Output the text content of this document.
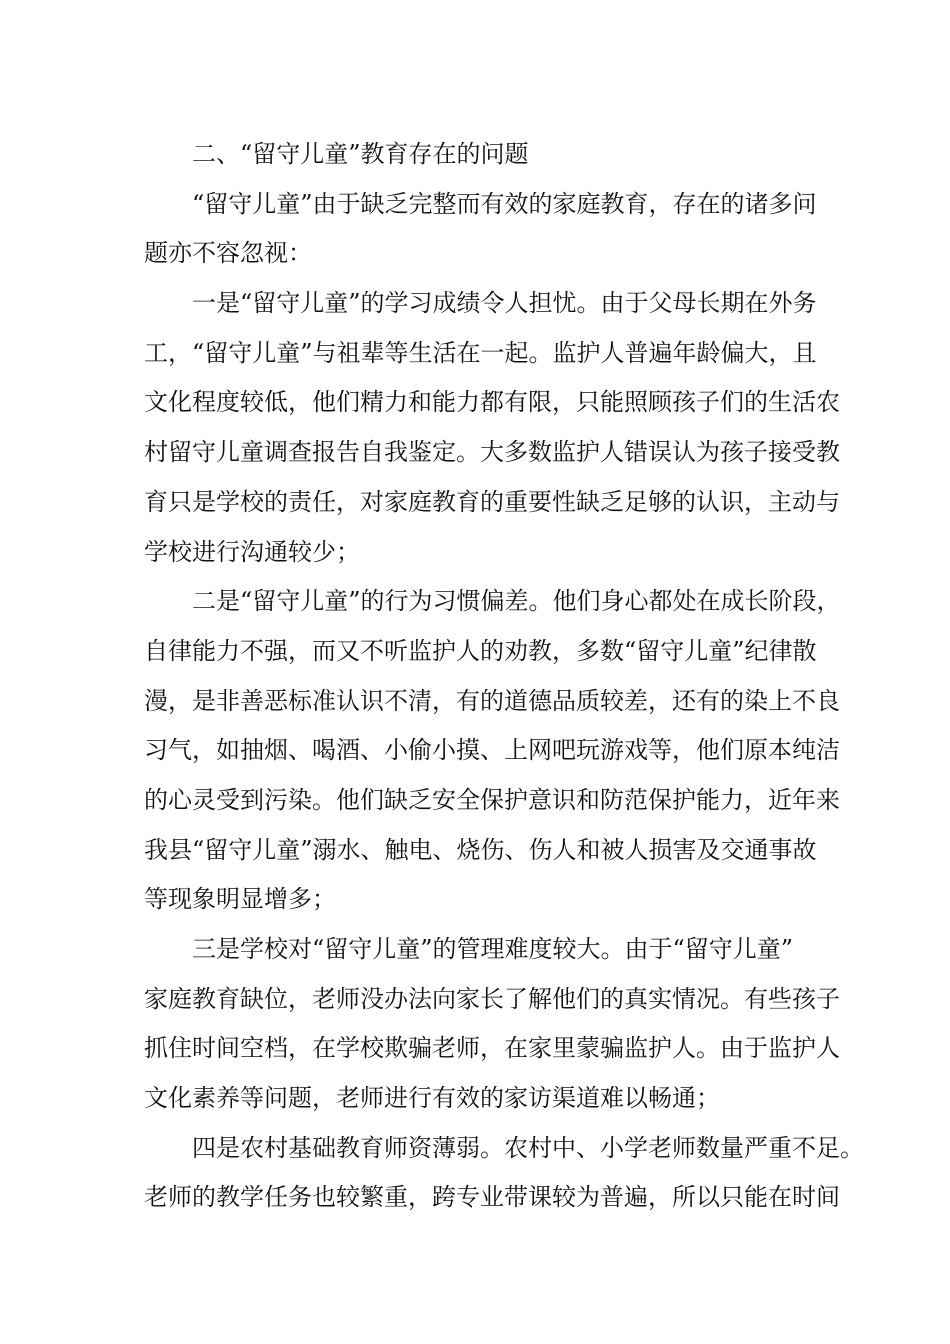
二、“留守儿童”教育存在的问题
“留守儿童”由于缺乏完整而有效的家庭教育，存在的诸多问
题亦不容忽视：
一是“留守儿童”的学习成绩令人担忧。由于父母长期在外务
工，“留守儿童”与祖辈等生活在一起。监护人普遍年龄偏大，且
文化程度较低，他们精力和能力都有限，只能照顾孩子们的生活农
村留守儿童调查报告自我鉴定。大多数监护人错误认为孩子接受教
育只是学校的责任，对家庭教育的重要性缺乏足够的认识，主动与
学校进行沟通较少；
二是“留守儿童”的行为习惯偏差。他们身心都处在成长阶段，
自律能力不强，而又不听监护人的劝教，多数“留守儿童”纪律散
漫，是非善恶标准认识不清，有的道德品质较差，还有的染上不良
习气，如抽烟、喝酒、小偷小摸、上网吧玩游戏等，他们原本纯洁
的心灵受到污染。他们缺乏安全保护意识和防范保护能力，近年来
我县“留守儿童”溺水、触电、烧伤、伤人和被人损害及交通事故
等现象明显增多；
三是学校对“留守儿童”的管理难度较大。由于“留守儿童”
家庭教育缺位，老师没办法向家长了解他们的真实情况。有些孩子
抓住时间空档，在学校欺骗老师，在家里蒙骗监护人。由于监护人
文化素养等问题，老师进行有效的家访渠道难以畅通；
四是农村基础教育师资薄弱。农村中、小学老师数量严重不足。
老师的教学任务也较繁重，跨专业带课较为普遍，所以只能在时间
